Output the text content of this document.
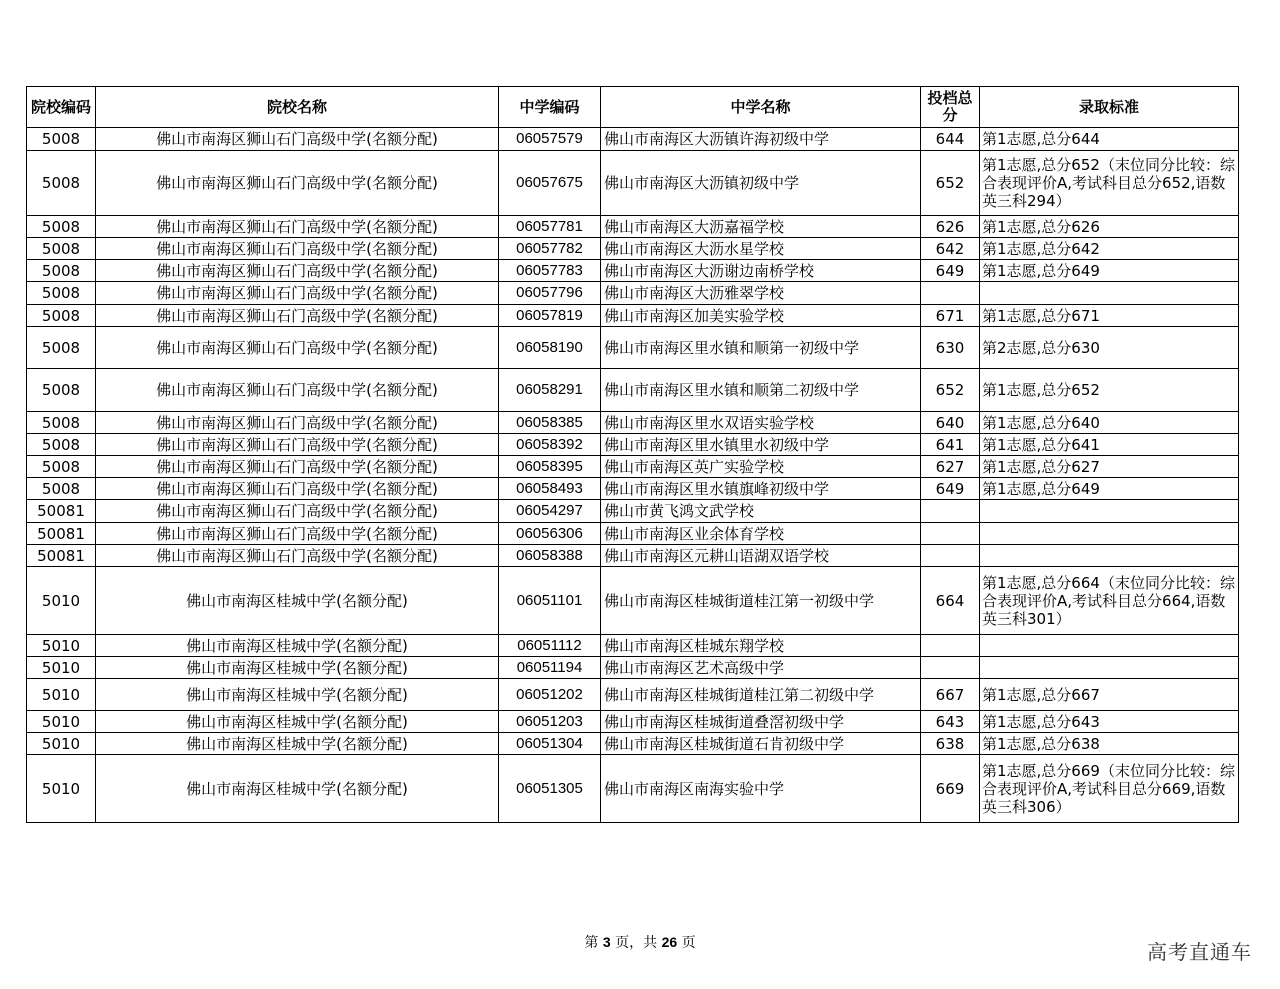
院校编码	院校名称	中学编码	中学名称	投档总分	录取标准
5008	佛山市南海区狮山石门高级中学(名额分配)	06057579	佛山市南海区大沥镇许海初级中学	644	第1志愿,总分644
5008	佛山市南海区狮山石门高级中学(名额分配)	06057675	佛山市南海区大沥镇初级中学	652	第1志愿,总分652（末位同分比较：综合表现评价A,考试科目总分652,语数英三科294）
5008	佛山市南海区狮山石门高级中学(名额分配)	06057781	佛山市南海区大沥嘉福学校	626	第1志愿,总分626
5008	佛山市南海区狮山石门高级中学(名额分配)	06057782	佛山市南海区大沥水星学校	642	第1志愿,总分642
5008	佛山市南海区狮山石门高级中学(名额分配)	06057783	佛山市南海区大沥谢边南桥学校	649	第1志愿,总分649
5008	佛山市南海区狮山石门高级中学(名额分配)	06057796	佛山市南海区大沥雅翠学校		
5008	佛山市南海区狮山石门高级中学(名额分配)	06057819	佛山市南海区加美实验学校	671	第1志愿,总分671
5008	佛山市南海区狮山石门高级中学(名额分配)	06058190	佛山市南海区里水镇和顺第一初级中学	630	第2志愿,总分630
5008	佛山市南海区狮山石门高级中学(名额分配)	06058291	佛山市南海区里水镇和顺第二初级中学	652	第1志愿,总分652
5008	佛山市南海区狮山石门高级中学(名额分配)	06058385	佛山市南海区里水双语实验学校	640	第1志愿,总分640
5008	佛山市南海区狮山石门高级中学(名额分配)	06058392	佛山市南海区里水镇里水初级中学	641	第1志愿,总分641
5008	佛山市南海区狮山石门高级中学(名额分配)	06058395	佛山市南海区英广实验学校	627	第1志愿,总分627
5008	佛山市南海区狮山石门高级中学(名额分配)	06058493	佛山市南海区里水镇旗峰初级中学	649	第1志愿,总分649
50081	佛山市南海区狮山石门高级中学(名额分配)	06054297	佛山市黄飞鸿文武学校		
50081	佛山市南海区狮山石门高级中学(名额分配)	06056306	佛山市南海区业余体育学校		
50081	佛山市南海区狮山石门高级中学(名额分配)	06058388	佛山市南海区元耕山语湖双语学校		
5010	佛山市南海区桂城中学(名额分配)	06051101	佛山市南海区桂城街道桂江第一初级中学	664	第1志愿,总分664（末位同分比较：综合表现评价A,考试科目总分664,语数英三科301）
5010	佛山市南海区桂城中学(名额分配)	06051112	佛山市南海区桂城东翔学校		
5010	佛山市南海区桂城中学(名额分配)	06051194	佛山市南海区艺术高级中学		
5010	佛山市南海区桂城中学(名额分配)	06051202	佛山市南海区桂城街道桂江第二初级中学	667	第1志愿,总分667
5010	佛山市南海区桂城中学(名额分配)	06051203	佛山市南海区桂城街道叠滘初级中学	643	第1志愿,总分643
5010	佛山市南海区桂城中学(名额分配)	06051304	佛山市南海区桂城街道石肯初级中学	638	第1志愿,总分638
5010	佛山市南海区桂城中学(名额分配)	06051305	佛山市南海区南海实验中学	669	第1志愿,总分669（末位同分比较：综合表现评价A,考试科目总分669,语数英三科306）
第 3 页，共 26 页	高考直通车
